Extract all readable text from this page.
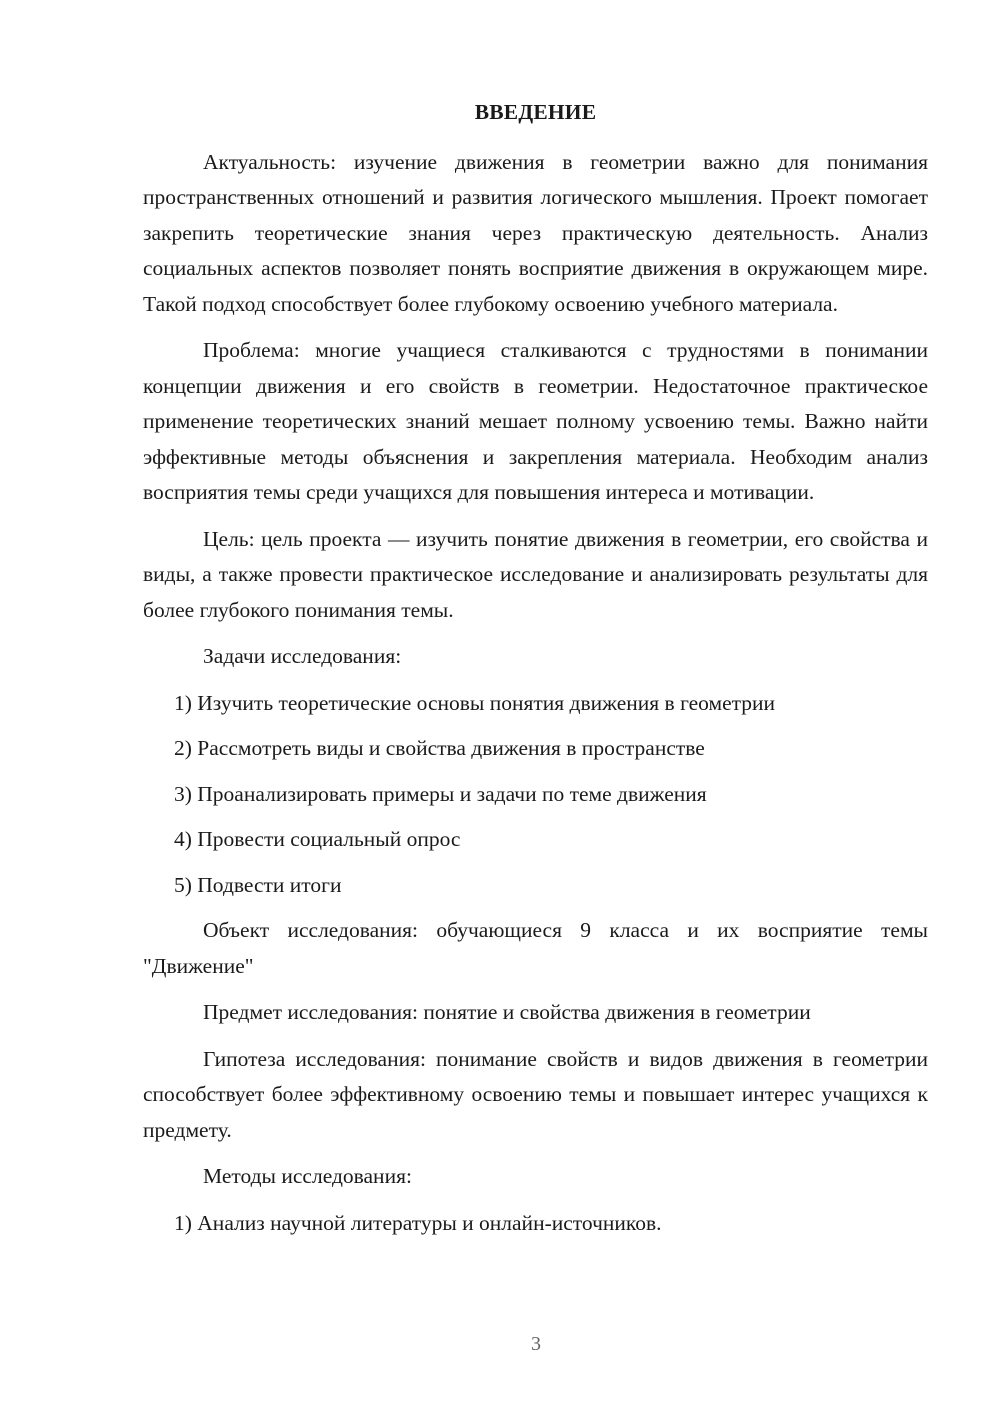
ВВЕДЕНИЕ

Актуальность: изучение движения в геометрии важно для понимания пространственных отношений и развития логического мышления. Проект помогает закрепить теоретические знания через практическую деятельность. Анализ социальных аспектов позволяет понять восприятие движения в окружающем мире. Такой подход способствует более глубокому освоению учебного материала.

Проблема: многие учащиеся сталкиваются с трудностями в понимании концепции движения и его свойств в геометрии. Недостаточное практическое применение теоретических знаний мешает полному усвоению темы. Важно найти эффективные методы объяснения и закрепления материала. Необходим анализ восприятия темы среди учащихся для повышения интереса и мотивации.

Цель: цель проекта — изучить понятие движения в геометрии, его свойства и виды, а также провести практическое исследование и анализировать результаты для более глубокого понимания темы.

Задачи исследования:

1) Изучить теоретические основы понятия движения в геометрии

2) Рассмотреть виды и свойства движения в пространстве

3) Проанализировать примеры и задачи по теме движения

4) Провести социальный опрос

5) Подвести итоги

Объект исследования: обучающиеся 9 класса и их восприятие темы "Движение"

Предмет исследования: понятие и свойства движения в геометрии

Гипотеза исследования: понимание свойств и видов движения в геометрии способствует более эффективному освоению темы и повышает интерес учащихся к предмету.

Методы исследования:

1) Анализ научной литературы и онлайн-источников.

3
